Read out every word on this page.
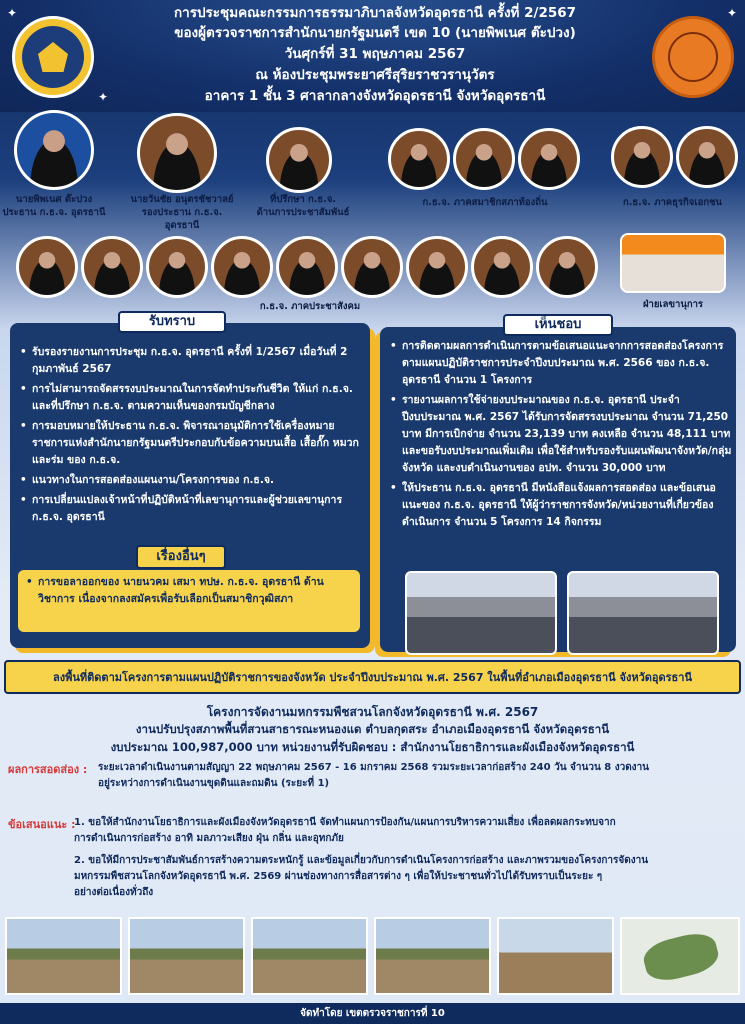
การประชุมคณะกรรมการธรรมาภิบาลจังหวัดอุดรธานี ครั้งที่ 2/2567
ของผู้ตรวจราชการสำนักนายกรัฐมนตรี เขต 10 (นายพิพเนศ ต๊ะปวง)
วันศุกร์ที่ 31 พฤษภาคม 2567
ณ ห้องประชุมพระยาศรีสุริยราชวรานุวัตร
อาคาร 1 ชั้น 3 ศาลากลางจังหวัดอุดรธานี จังหวัดอุดรธานี
✦
✦
✦
นายพิพเนศ ต๊ะปวง
ประธาน ก.ธ.จ. อุดรธานี
นายวันชัย อนุตรชัชวาลย์
รองประธาน ก.ธ.จ.
อุดรธานี
ที่ปรึกษา ก.ธ.จ.
ด้านการประชาสัมพันธ์
ก.ธ.จ. ภาคสมาชิกสภาท้องถิ่น	ก.ธ.จ. ภาคธุรกิจเอกชน
ก.ธ.จ. ภาคประชาสังคม	ฝ่ายเลขานุการ
รับทราบ
• รับรองรายงานการประชุม ก.ธ.จ. อุดรธานี ครั้งที่ 1/2567 เมื่อวันที่ 2 กุมภาพันธ์ 2567
• การไม่สามารถจัดสรรงบประมาณในการจัดทำประกันชีวิต ให้แก่ ก.ธ.จ. และที่ปรึกษา ก.ธ.จ. ตามความเห็นของกรมบัญชีกลาง
• การมอบหมายให้ประธาน ก.ธ.จ. พิจารณาอนุมัติการใช้เครื่องหมายราชการแห่งสำนักนายกรัฐมนตรีประกอบกับข้อความบนเสื้อ เสื้อกั๊ก หมวก และร่ม ของ ก.ธ.จ.
• แนวทางในการสอดส่องแผนงาน/โครงการของ ก.ธ.จ.
• การเปลี่ยนแปลงเจ้าหน้าที่ปฏิบัติหน้าที่เลขานุการและผู้ช่วยเลขานุการ ก.ธ.จ. อุดรธานี
• การขอลาออกของ นายนวคม เสมา ทปษ. ก.ธ.จ. อุดรธานี ด้านวิชาการ เนื่องจากลงสมัครเพื่อรับเลือกเป็นสมาชิกวุฒิสภา
เรื่องอื่นๆ
เห็นชอบ
• การติดตามผลการดำเนินการตามข้อเสนอแนะจากการสอดส่องโครงการตามแผนปฏิบัติราชการประจำปีงบประมาณ พ.ศ. 2566 ของ ก.ธ.จ. อุดรธานี จำนวน 1 โครงการ
• รายงานผลการใช้จ่ายงบประมาณของ ก.ธ.จ. อุดรธานี ประจำปีงบประมาณ พ.ศ. 2567 ได้รับการจัดสรรงบประมาณ จำนวน 71,250 บาท มีการเบิกจ่าย จำนวน 23,139 บาท คงเหลือ จำนวน 48,111 บาท และขอรับงบประมาณเพิ่มเติม เพื่อใช้สำหรับรองรับแผนพัฒนาจังหวัด/กลุ่มจังหวัด และงบดำเนินงานของ อปท. จำนวน 30,000 บาท
• ให้ประธาน ก.ธ.จ. อุดรธานี มีหนังสือแจ้งผลการสอดส่อง และข้อเสนอแนะของ ก.ธ.จ. อุดรธานี ให้ผู้ว่าราชการจังหวัด/หน่วยงานที่เกี่ยวข้องดำเนินการ จำนวน 5 โครงการ 14 กิจกรรม
ลงพื้นที่ติดตามโครงการตามแผนปฏิบัติราชการของจังหวัด ประจำปีงบประมาณ พ.ศ. 2567 ในพื้นที่อำเภอเมืองอุดรธานี จังหวัดอุดรธานี
โครงการจัดงานมหกรรมพืชสวนโลกจังหวัดอุดรธานี พ.ศ. 2567
งานปรับปรุงสภาพพื้นที่สวนสาธารณะหนองแด ตำบลกุดสระ อำเภอเมืองอุดรธานี จังหวัดอุดรธานี
งบประมาณ 100,987,000 บาท หน่วยงานที่รับผิดชอบ : สำนักงานโยธาธิการและผังเมืองจังหวัดอุดรธานี
ผลการสอดส่อง : ระยะเวลาดำเนินงานตามสัญญา 22 พฤษภาคม 2567 - 16 มกราคม 2568 รวมระยะเวลาก่อสร้าง 240 วัน จำนวน 8 งวดงาน
อยู่ระหว่างการดำเนินงานขุดดินและถมดิน (ระยะที่ 1)
ข้อเสนอแนะ :
1. ขอให้สำนักงานโยธาธิการและผังเมืองจังหวัดอุดรธานี จัดทำแผนการป้องกัน/แผนการบริหารความเสี่ยง เพื่อลดผลกระทบจาก
การดำเนินการก่อสร้าง อาทิ มลภาวะเสียง ฝุ่น กลิ่น และอุทกภัย
2. ขอให้มีการประชาสัมพันธ์การสร้างความตระหนักรู้ และข้อมูลเกี่ยวกับการดำเนินโครงการก่อสร้าง และภาพรวมของโครงการจัดงาน
มหกรรมพืชสวนโลกจังหวัดอุดรธานี พ.ศ. 2569 ผ่านช่องทางการสื่อสารต่าง ๆ เพื่อให้ประชาชนทั่วไปได้รับทราบเป็นระยะ ๆ
อย่างต่อเนื่องทั่วถึง
จัดทำโดย เขตตรวจราชการที่ 10
